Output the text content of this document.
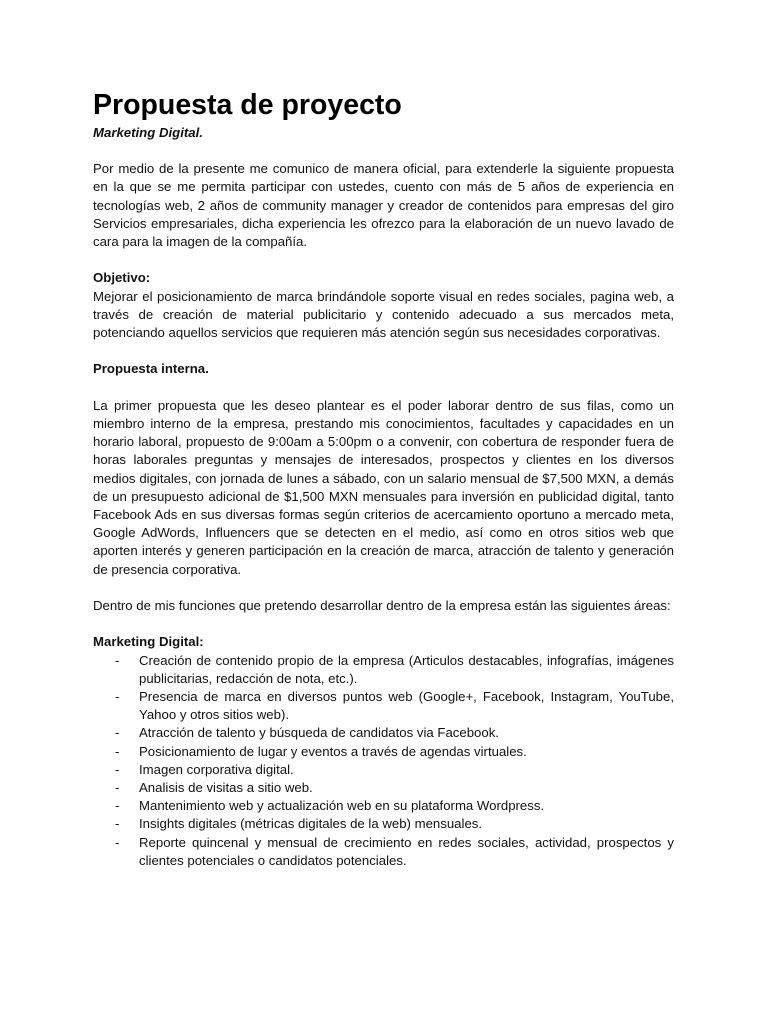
Propuesta de proyecto
Marketing Digital.

Por medio de la presente me comunico de manera oficial, para extenderle la siguiente propuesta en la que se me permita participar con ustedes, cuento con más de 5 años de experiencia en tecnologías web, 2 años de community manager y creador de contenidos para empresas del giro Servicios empresariales, dicha experiencia les ofrezco para la elaboración de un nuevo lavado de cara para la imagen de la compañía.

Objetivo:

Mejorar el posicionamiento de marca brindándole soporte visual en redes sociales, pagina web, a través de creación de material publicitario y contenido adecuado a sus mercados meta, potenciando aquellos servicios que requieren más atención según sus necesidades corporativas.

Propuesta interna.

La primer propuesta que les deseo plantear es el poder laborar dentro de sus filas, como un miembro interno de la empresa, prestando mis conocimientos, facultades y capacidades en un horario laboral, propuesto de 9:00am a 5:00pm o a convenir, con cobertura de responder fuera de horas laborales preguntas y mensajes de interesados, prospectos y clientes en los diversos medios digitales, con jornada de lunes a sábado, con un salario mensual de $7,500 MXN, a demás de un presupuesto adicional de $1,500 MXN mensuales para inversión en publicidad digital, tanto Facebook Ads en sus diversas formas según criterios de acercamiento oportuno a mercado meta, Google AdWords, Influencers que se detecten en el medio, así como en otros sitios web que aporten interés y generen participación en la creación de marca, atracción de talento y generación de presencia corporativa.

Dentro de mis funciones que pretendo desarrollar dentro de la empresa están las siguientes áreas:

Marketing Digital:
- Creación de contenido propio de la empresa (Articulos destacables, infografías, imágenes publicitarias, redacción de nota, etc.).
- Presencia de marca en diversos puntos web (Google+, Facebook, Instagram, YouTube, Yahoo y otros sitios web).
- Atracción de talento y búsqueda de candidatos via Facebook.
- Posicionamiento de lugar y eventos a través de agendas virtuales.
- Imagen corporativa digital.
- Analisis de visitas a sitio web.
- Mantenimiento web y actualización web en su plataforma Wordpress.
- Insights digitales (métricas digitales de la web) mensuales.
- Reporte quincenal y mensual de crecimiento en redes sociales, actividad, prospectos y clientes potenciales o candidatos potenciales.
